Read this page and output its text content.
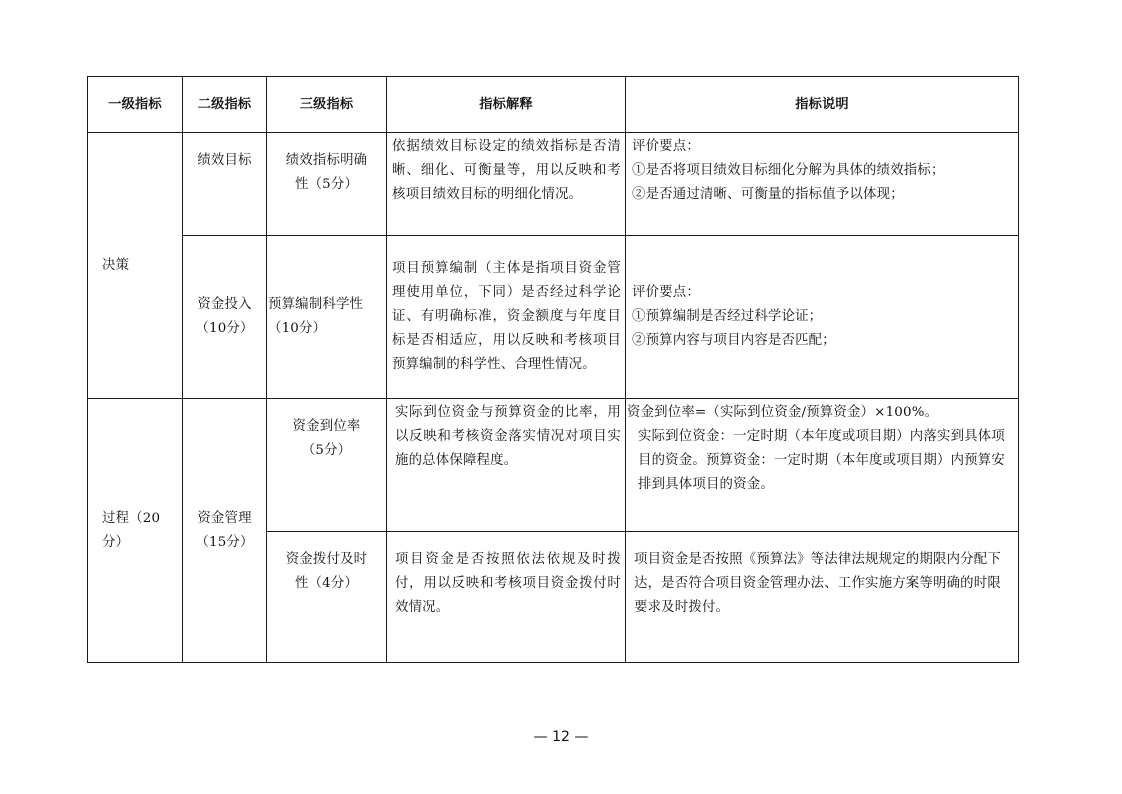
一级指标	二级指标	三级指标	指标解释	指标说明
决策	绩效目标	绩效指标明确性（5分）	依据绩效目标设定的绩效指标是否清晰、细化、可衡量等，用以反映和考核项目绩效目标的明细化情况。	评价要点：
①是否将项目绩效目标细化分解为具体的绩效指标；
②是否通过清晰、可衡量的指标值予以体现；

	资金投入（10分）	预算编制科学性（10分）	项目预算编制（主体是指项目资金管理使用单位，下同）是否经过科学论证、有明确标准，资金额度与年度目标是否相适应，用以反映和考核项目预算编制的科学性、合理性情况。	评价要点：
①预算编制是否经过科学论证；
②预算内容与项目内容是否匹配；

过程（20分）	资金管理（15分）	资金到位率（5分）	实际到位资金与预算资金的比率，用以反映和考核资金落实情况对项目实施的总体保障程度。	资金到位率=（实际到位资金/预算资金）×100%。
实际到位资金：一定时期（本年度或项目期）内落实到具体项目的资金。预算资金：一定时期（本年度或项目期）内预算安排到具体项目的资金。

		资金拨付及时性（4分）	项目资金是否按照依法依规及时拨付，用以反映和考核项目资金拨付时效情况。	项目资金是否按照《预算法》等法律法规规定的期限内分配下达，是否符合项目资金管理办法、工作实施方案等明确的时限要求及时拨付。
— 12 —
